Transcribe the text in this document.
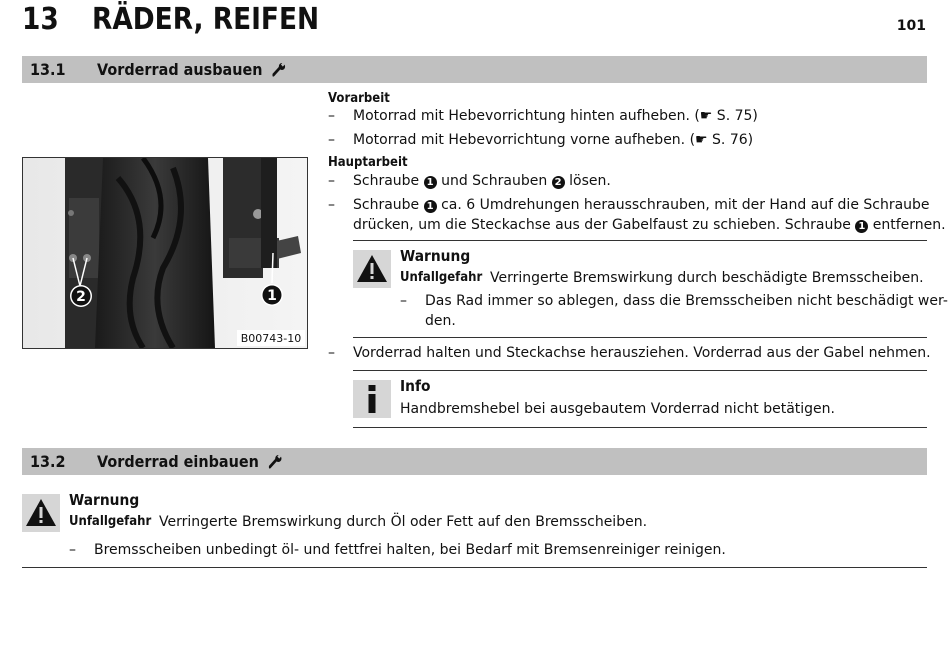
13 RÄDER, REIFEN	101
13.1 Vorderrad ausbauen
2	1
B00743-10
Vorarbeit
– Motorrad mit Hebevorrichtung hinten aufheben. (☛ S. 75)
– Motorrad mit Hebevorrichtung vorne aufheben. (☛ S. 76)
Hauptarbeit
– Schraube 1 und Schrauben 2 lösen.
– Schraube 1 ca. 6 Umdrehungen herausschrauben, mit der Hand auf die Schraube
drücken, um die Steckachse aus der Gabelfaust zu schieben. Schraube 1 entfernen.
Warnung
Unfallgefahr Verringerte Bremswirkung durch beschädigte Bremsscheiben.
– Das Rad immer so ablegen, dass die Bremsscheiben nicht beschädigt wer-
den.
– Vorderrad halten und Steckachse herausziehen. Vorderrad aus der Gabel nehmen.
Info
Handbremshebel bei ausgebautem Vorderrad nicht betätigen.
13.2 Vorderrad einbauen
Warnung
Unfallgefahr Verringerte Bremswirkung durch Öl oder Fett auf den Bremsscheiben.
– Bremsscheiben unbedingt öl- und fettfrei halten, bei Bedarf mit Bremsenreiniger reinigen.
